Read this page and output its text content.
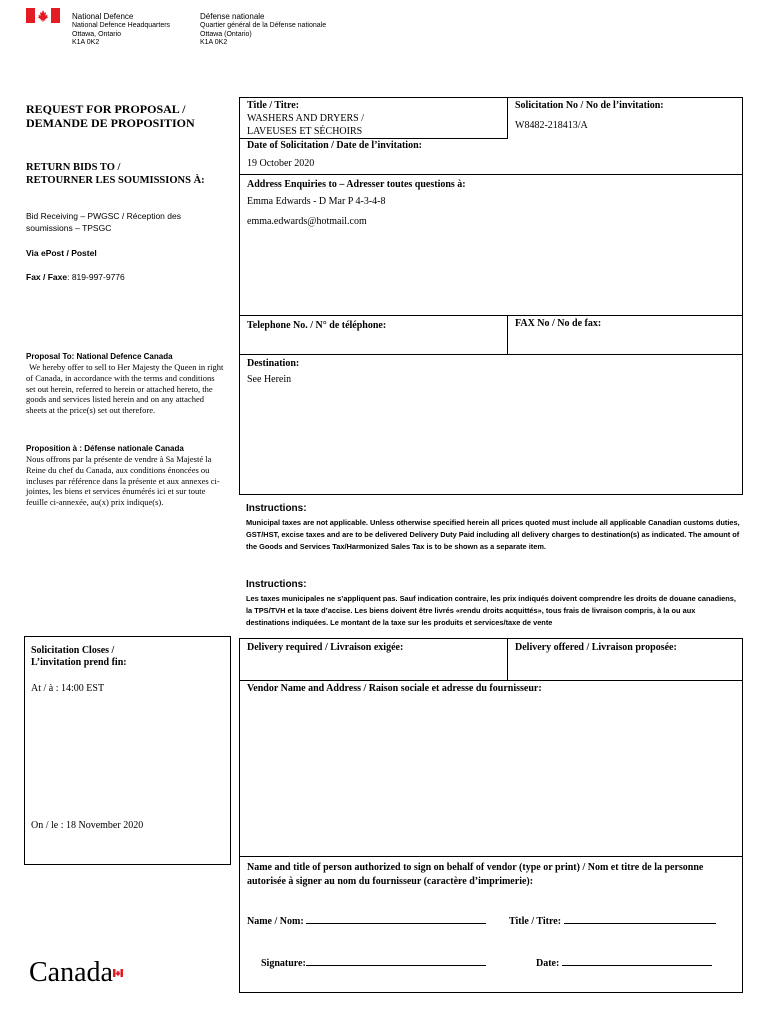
National Defence
National Defence Headquarters
Ottawa, Ontario
K1A 0K2
Défense nationale
Quartier général de la Défense nationale
Ottawa (Ontario)
K1A 0K2
REQUEST FOR PROPOSAL /
DEMANDE DE PROPOSITION
RETURN BIDS TO /
RETOURNER LES SOUMISSIONS À:
Bid Receiving – PWGSC / Réception des
soumissions – TPSGC
Via ePost / Postel
Fax / Faxe: 819-997-9776
Proposal To: National Defence Canada
We hereby offer to sell to Her Majesty the Queen in right of Canada, in accordance with the terms and conditions set out herein, referred to herein or attached hereto, the goods and services listed herein and on any attached sheets at the price(s) set out therefore.
Proposition à : Défense nationale Canada
Nous offrons par la présente de vendre à Sa Majesté la Reine du chef du Canada, aux conditions énoncées ou incluses par référence dans la présente et aux annexes ci-jointes, les biens et services énumérés ici et sur toute feuille ci-annexée, au(x) prix indique(s).
Solicitation Closes /
L’invitation prend fin:
At / à : 14:00 EST
On / le : 18 November 2020
Title / Titre:
WASHERS AND DRYERS /
LAVEUSES ET SÉCHOIRS
Date of Solicitation / Date de l’invitation:
19 October 2020
Solicitation No / No de l’invitation:
W8482-218413/A
Address Enquiries to – Adresser toutes questions à:
Emma Edwards - D Mar P 4-3-4-8
emma.edwards@hotmail.com
Telephone No. / N° de téléphone:	FAX No / No de fax:
Destination:
See Herein
Instructions:
Municipal taxes are not applicable. Unless otherwise specified herein all prices quoted must include all applicable Canadian customs duties, GST/HST, excise taxes and are to be delivered Delivery Duty Paid including all delivery charges to destination(s) as indicated. The amount of the Goods and Services Tax/Harmonized Sales Tax is to be shown as a separate item.
Instructions:
Les taxes municipales ne s’appliquent pas. Sauf indication contraire, les prix indiqués doivent comprendre les droits de douane canadiens, la TPS/TVH et la taxe d’accise. Les biens doivent être livrés «rendu droits acquittés», tous frais de livraison compris, à la ou aux destinations indiquées. Le montant de la taxe sur les produits et services/taxe de vente
Delivery required / Livraison exigée:	Delivery offered / Livraison proposée:
Vendor Name and Address / Raison sociale et adresse du fournisseur:
Name and title of person authorized to sign on behalf of vendor (type or print) / Nom et titre de la personne autorisée à signer au nom du fournisseur (caractère d’imprimerie):
Name / Nom:	Title / Titre:
Signature:	Date:
Canada
